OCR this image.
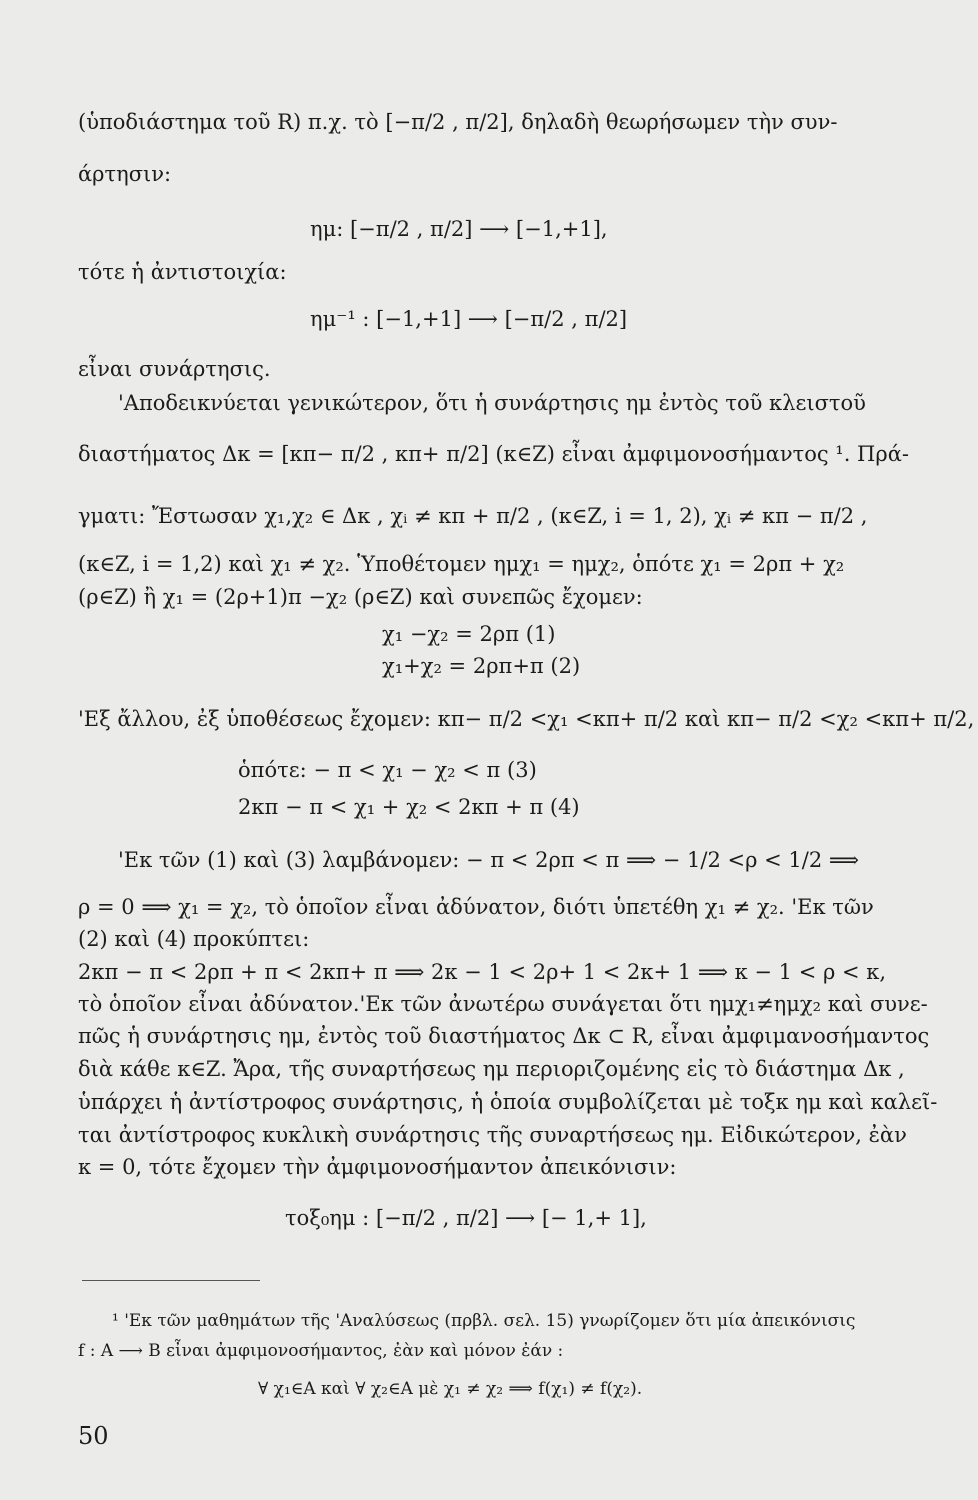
(ὑποδιάστημα τοῦ R) π.χ. τὸ [−π/2 , π/2], δηλαδὴ θεωρήσωμεν τὴν συν-

άρτησιν:

ημ: [−π/2 , π/2] ⟶ [−1,+1],

τότε ἡ ἀντιστοιχία:

ημ⁻¹ : [−1,+1] ⟶ [−π/2 , π/2]

εἶναι συνάρτησις.

'Αποδεικνύεται γενικώτερον, ὅτι ἡ συνάρτησις ημ ἐντὸς τοῦ κλειστοῦ

διαστήματος Δκ = [κπ− π/2 , κπ+ π/2] (κ∈Z) εἶναι ἀμφιμονοσήμαντος ¹. Πρά-

γματι: Ἔστωσαν χ₁,χ₂ ∈ Δκ , χᵢ ≠ κπ + π/2 , (κ∈Z, i = 1, 2), χᵢ ≠ κπ − π/2 ,

(κ∈Z, i = 1,2) καὶ χ₁ ≠ χ₂. Ὑποθέτομεν ημχ₁ = ημχ₂, ὁπότε χ₁ = 2ρπ + χ₂

(ρ∈Z) ἢ χ₁ = (2ρ+1)π −χ₂ (ρ∈Z) καὶ συνεπῶς ἔχομεν:

χ₁ −χ₂ = 2ρπ (1)

χ₁+χ₂ = 2ρπ+π (2)

'Εξ ἄλλου, ἐξ ὑποθέσεως ἔχομεν: κπ− π/2 <χ₁ <κπ+ π/2 καὶ κπ− π/2 <χ₂ <κπ+ π/2,

ὁπότε: − π < χ₁ − χ₂ < π (3)

2κπ − π < χ₁ + χ₂ < 2κπ + π (4)

'Εκ τῶν (1) καὶ (3) λαμβάνομεν: − π < 2ρπ < π ⟹ − 1/2 <ρ < 1/2 ⟹

ρ = 0 ⟹ χ₁ = χ₂, τὸ ὁποῖον εἶναι ἀδύνατον, διότι ὑπετέθη χ₁ ≠ χ₂. 'Εκ τῶν

(2) καὶ (4) προκύπτει:

2κπ − π < 2ρπ + π < 2κπ+ π ⟹ 2κ − 1 < 2ρ+ 1 < 2κ+ 1 ⟹ κ − 1 < ρ < κ,

τὸ ὁποῖον εἶναι ἀδύνατον.'Εκ τῶν ἀνωτέρω συνάγεται ὅτι ημχ₁≠ημχ₂ καὶ συνε-

πῶς ἡ συνάρτησις ημ, ἐντὸς τοῦ διαστήματος Δκ ⊂ R, εἶναι ἀμφιμανοσήμαντος

διὰ κάθε κ∈Z. Ἄρα, τῆς συναρτήσεως ημ περιοριζομένης εἰς τὸ διάστημα Δκ ,

ὑπάρχει ἡ ἀντίστροφος συνάρτησις, ἡ ὁποία συμβολίζεται μὲ τοξκ ημ καὶ καλεῖ-

ται ἀντίστροφος κυκλικὴ συνάρτησις τῆς συναρτήσεως ημ. Εἰδικώτερον, ἐὰν

κ = 0, τότε ἔχομεν τὴν ἀμφιμονοσήμαντον ἀπεικόνισιν:

τοξ₀ημ : [−π/2 , π/2] ⟶ [− 1,+ 1],

¹ 'Εκ τῶν μαθημάτων τῆς 'Αναλύσεως (πρβλ. σελ. 15) γνωρίζομεν ὅτι μία ἀπεικόνισις

f : A ⟶ B εἶναι ἀμφιμονοσήμαντος, ἐὰν καὶ μόνον ἐάν :

∀ χ₁∈A καὶ ∀ χ₂∈A μὲ χ₁ ≠ χ₂ ⟹ f(χ₁) ≠ f(χ₂).

50
